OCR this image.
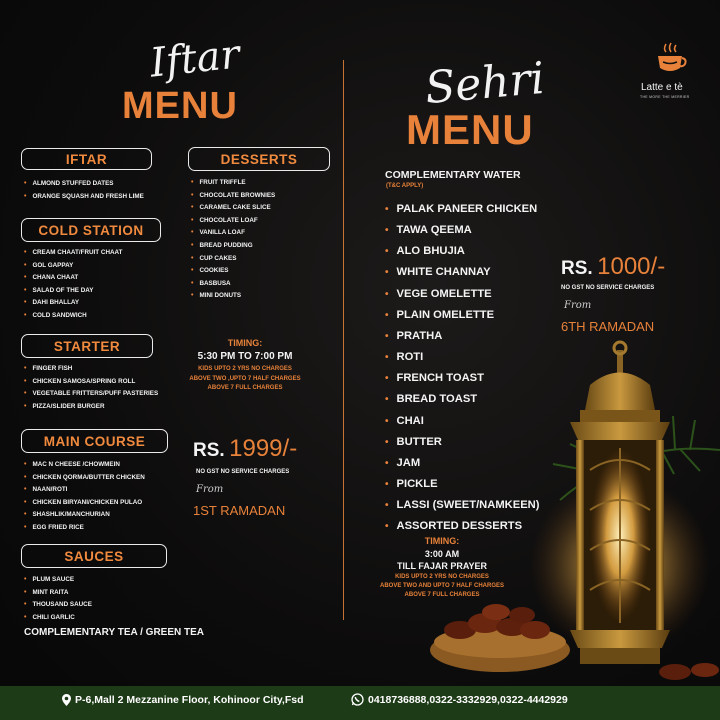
Iftar
MENU
IFTAR
• ALMOND STUFFED DATES
• ORANGE SQUASH AND FRESH LIME
COLD STATION
• CREAM CHAAT/FRUIT CHAAT
• GOL GAPPAY
• CHANA CHAAT
• SALAD OF THE DAY
• DAHI BHALLAY
• COLD SANDWICH
STARTER
• FINGER FISH
• CHICKEN SAMOSA/SPRING ROLL
• VEGETABLE FRITTERS/PUFF PASTERIES
• PIZZA/SLIDER BURGER
MAIN COURSE
• MAC N CHEESE /CHOWMEIN
• CHICKEN QORMA/BUTTER CHICKEN
• NAAN/ROTI
• CHICKEN BIRYANI/CHICKEN PULAO
• SHASHLIK/MANCHURIAN
• EGG FRIED RICE
SAUCES
• PLUM SAUCE
• MINT RAITA
• THOUSAND SAUCE
• CHILI GARLIC
COMPLEMENTARY TEA / GREEN TEA
DESSERTS
• FRUIT TRIFFLE
• CHOCOLATE BROWNIES
• CARAMEL CAKE SLICE
• CHOCOLATE LOAF
• VANILLA LOAF
• BREAD PUDDING
• CUP CAKES
• COOKIES
• BASBUSA
• MINI DONUTS
TIMING:
5:30 PM TO 7:00 PM
KIDS UPTO 2 YRS NO CHARGES
ABOVE TWO ,UPTO 7 HALF CHARGES
ABOVE 7 FULL CHARGES
RS. 1999/-
NO GST NO SERVICE CHARGES
From
1ST RAMADAN
Sehri
MENU
Latte e tè
THE MORE THE MERRIER
COMPLEMENTARY WATER
(T&C APPLY)
• PALAK PANEER CHICKEN
• TAWA QEEMA
• ALO BHUJIA
• WHITE CHANNAY
• VEGE OMELETTE
• PLAIN OMELETTE
• PRATHA
• ROTI
• FRENCH TOAST
• BREAD TOAST
• CHAI
• BUTTER
• JAM
• PICKLE
• LASSI (SWEET/NAMKEEN)
• ASSORTED DESSERTS
RS. 1000/-
NO GST NO SERVICE CHARGES
From
6TH RAMADAN
TIMING:
3:00 AM
TILL FAJAR PRAYER
KIDS UPTO 2 YRS NO CHARGES
ABOVE TWO AND UPTO 7 HALF CHARGES
ABOVE 7 FULL CHARGES
P-6,Mall 2 Mezzanine Floor, Kohinoor City,Fsd	0418736888,0322-3332929,0322-4442929
